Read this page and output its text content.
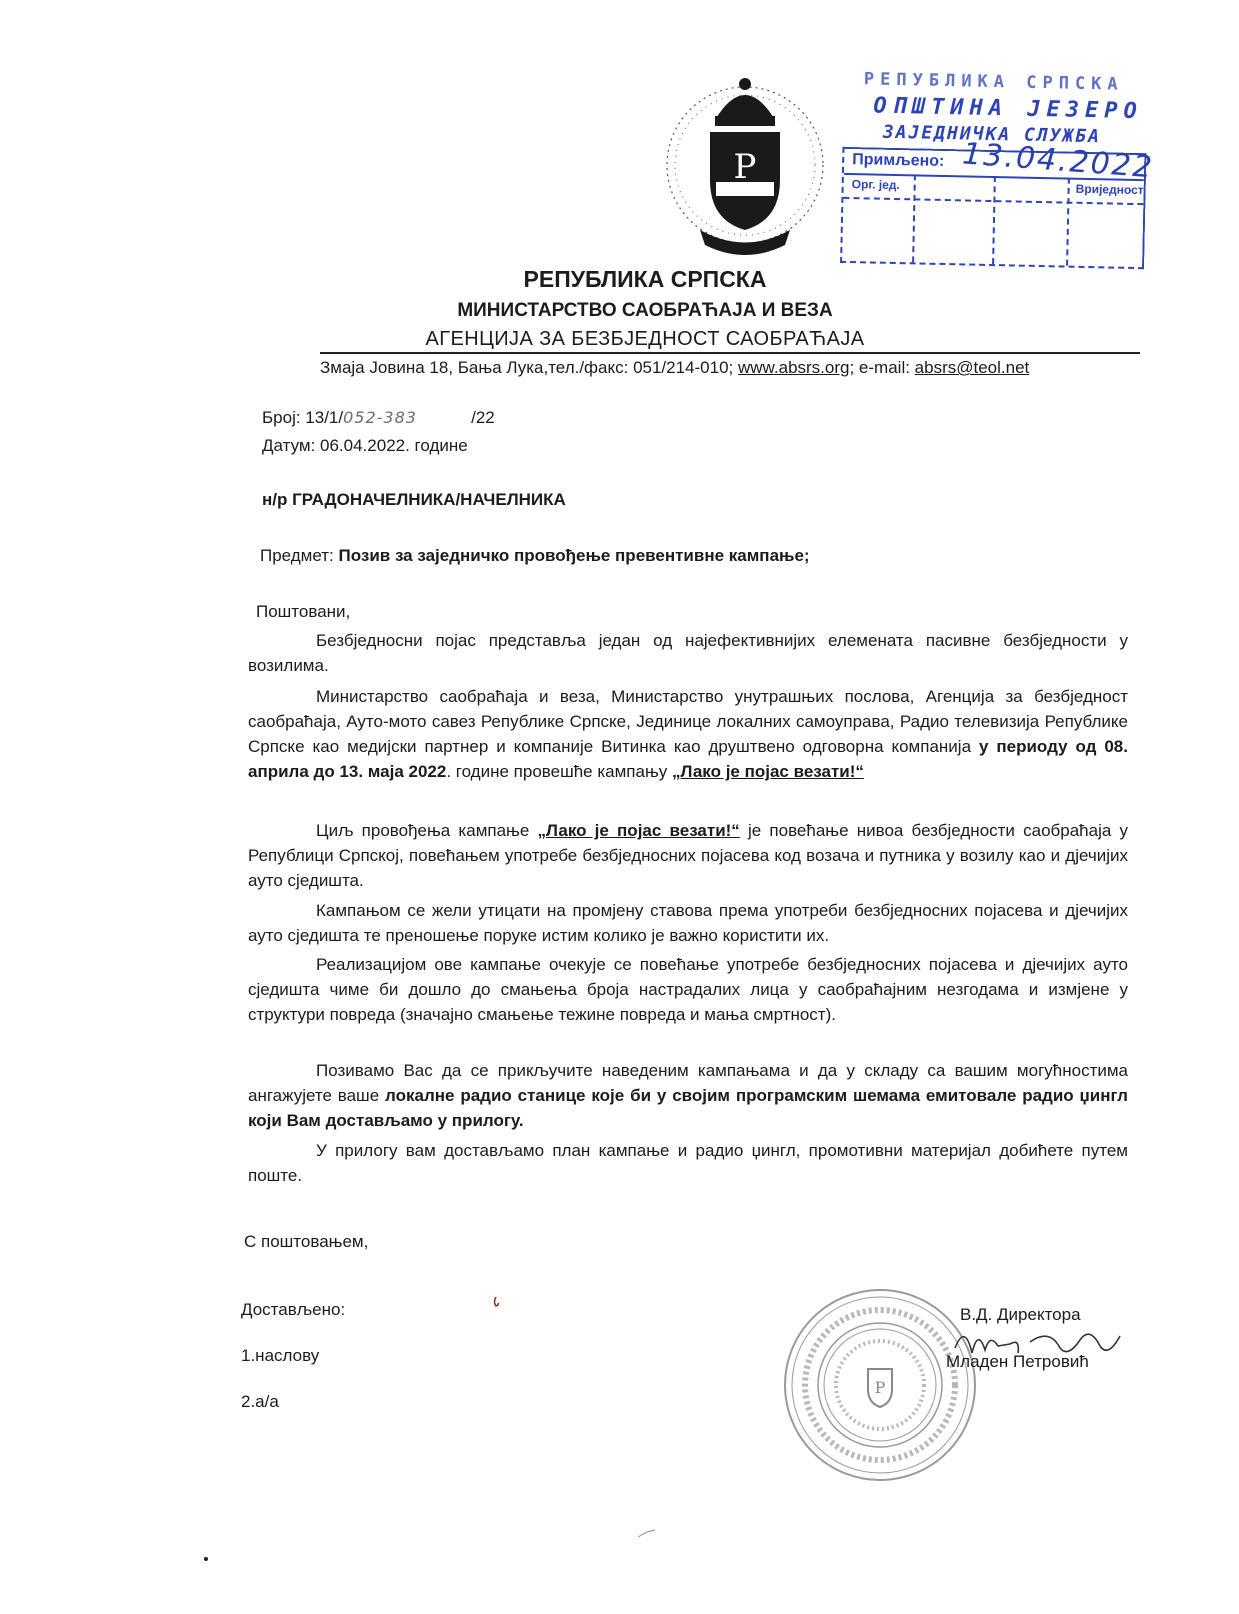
Р
РЕПУБЛИКА СРПСКА
ОПШТИНА ЈЕЗЕРО
ЗАЈЕДНИЧКА СЛУЖБА
Примљено: 13.04.2022
Орг. јед.	Вриједност
РЕПУБЛИКА СРПСКА
МИНИСТАРСТВО САОБРАЋАЈА И ВЕЗА
АГЕНЦИЈА ЗА БЕЗБЈЕДНОСТ САОБРАЋАЈА
Змаја Јовина 18, Бања Лука,тел./факс: 051/214-010; www.absrs.org; e-mail: absrs@teol.net
Број: 13/1/052-383	/22
Датум: 06.04.2022. године
н/р ГРАДОНАЧЕЛНИКА/НАЧЕЛНИКА
Предмет: Позив за заједничко провођење превентивне кампање;
Поштовани,
Безбједносни појас представља један од најефективнијих елемената пасивне безбједности у возилима.
Министарство саобраћаја и веза, Министарство унутрашњих послова, Агенција за безбједност саобраћаја, Ауто-мото савез Републике Српске, Јединице локалних самоуправа, Радио телевизија Републике Српске као медијски партнер и компаније Витинка као друштвено одговорна компанија у периоду од 08. априла до 13. маја 2022. године провешће кампању „Лако је појас везати!“
Циљ провођења кампање „Лако је појас везати!“ је повећање нивоа безбједности саобраћаја у Републици Српској, повећањем употребе безбједносних појасева код возача и путника у возилу као и дјечијих ауто сједишта.
Кампањом се жели утицати на промјену ставова према употреби безбједносних појасева и дјечијих ауто сједишта те преношење поруке истим колико је важно користити их.
Реализацијом ове кампање очекује се повећање употребе безбједносних појасева и дјечијих ауто сједишта чиме би дошло до смањења броја настрадалих лица у саобраћајним незгодама и измјене у структури повреда (значајно смањење тежине повреда и мања смртност).
Позивамо Вас да се прикључите наведеним кампањама и да у складу са вашим могућностима ангажујете ваше локалне радио станице које би у својим програмским шемама емитовале радио џингл који Вам достављамо у прилогу.
У прилогу вам достављамо план кампање и радио џингл, промотивни материјал добићете путем поште.
С поштовањем,
Достављено:
1.наслову
2.а/а
Р
В.Д. Директора
Младен Петровић
